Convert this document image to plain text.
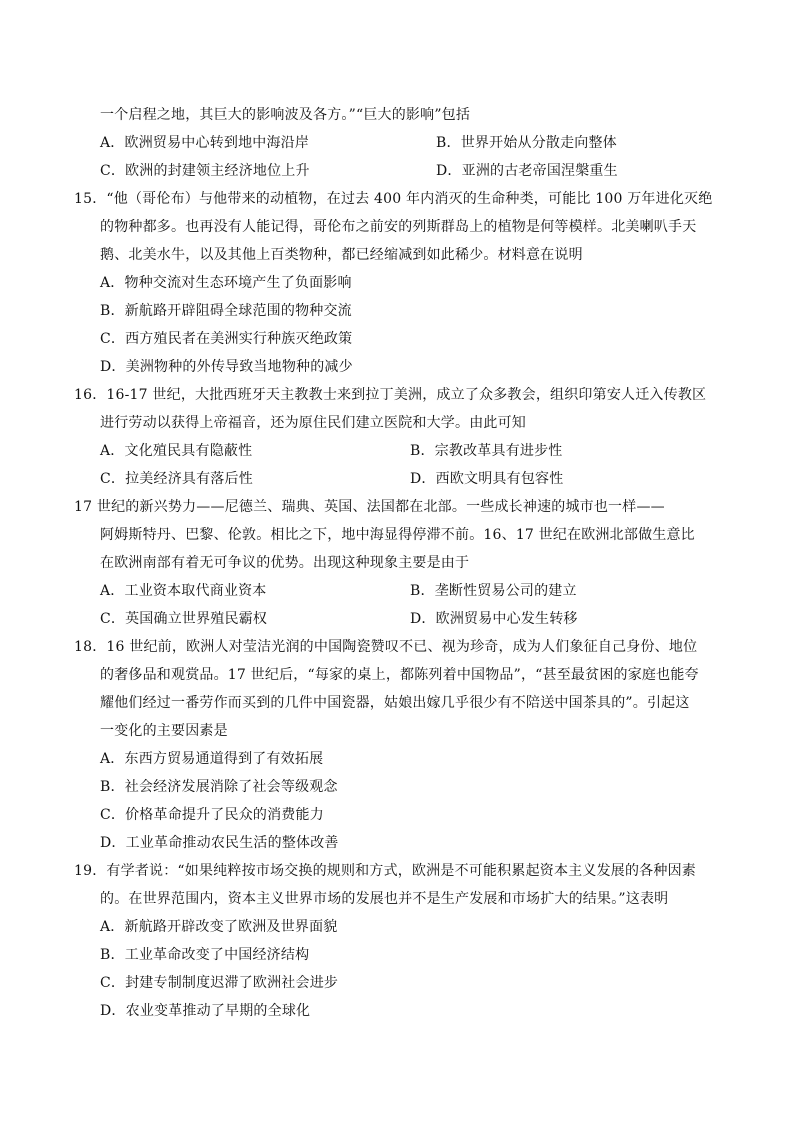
一个启程之地，其巨大的影响波及各方。”“巨大的影响”包括
A．欧洲贸易中心转到地中海沿岸	B．世界开始从分散走向整体
C．欧洲的封建领主经济地位上升	D．亚洲的古老帝国涅槃重生
15．“他（哥伦布）与他带来的动植物，在过去 400 年内消灭的生命种类，可能比 100 万年进化灭绝
的物种都多。也再没有人能记得，哥伦布之前安的列斯群岛上的植物是何等模样。北美喇叭手天
鹅、北美水牛，以及其他上百类物种，都已经缩减到如此稀少。材料意在说明
A．物种交流对生态环境产生了负面影响
B．新航路开辟阻碍全球范围的物种交流
C．西方殖民者在美洲实行种族灭绝政策
D．美洲物种的外传导致当地物种的减少
16．16-17 世纪，大批西班牙天主教教士来到拉丁美洲，成立了众多教会，组织印第安人迁入传教区
进行劳动以获得上帝福音，还为原住民们建立医院和大学。由此可知
A．文化殖民具有隐蔽性	B．宗教改革具有进步性
C．拉美经济具有落后性	D．西欧文明具有包容性
17 世纪的新兴势力——尼德兰、瑞典、英国、法国都在北部。一些成长神速的城市也一样——
阿姆斯特丹、巴黎、伦敦。相比之下，地中海显得停滞不前。16、17 世纪在欧洲北部做生意比
在欧洲南部有着无可争议的优势。出现这种现象主要是由于
A．工业资本取代商业资本	B．垄断性贸易公司的建立
C．英国确立世界殖民霸权	D．欧洲贸易中心发生转移
18．16 世纪前，欧洲人对莹洁光润的中国陶瓷赞叹不已、视为珍奇，成为人们象征自己身份、地位
的奢侈品和观赏品。17 世纪后，“每家的桌上，都陈列着中国物品”，“甚至最贫困的家庭也能夸
耀他们经过一番劳作而买到的几件中国瓷器，姑娘出嫁几乎很少有不陪送中国茶具的”。引起这
一变化的主要因素是
A．东西方贸易通道得到了有效拓展
B．社会经济发展消除了社会等级观念
C．价格革命提升了民众的消费能力
D．工业革命推动农民生活的整体改善
19．有学者说：“如果纯粹按市场交换的规则和方式，欧洲是不可能积累起资本主义发展的各种因素
的。在世界范围内，资本主义世界市场的发展也并不是生产发展和市场扩大的结果。”这表明
A．新航路开辟改变了欧洲及世界面貌
B．工业革命改变了中国经济结构
C．封建专制制度迟滞了欧洲社会进步
D．农业变革推动了早期的全球化
